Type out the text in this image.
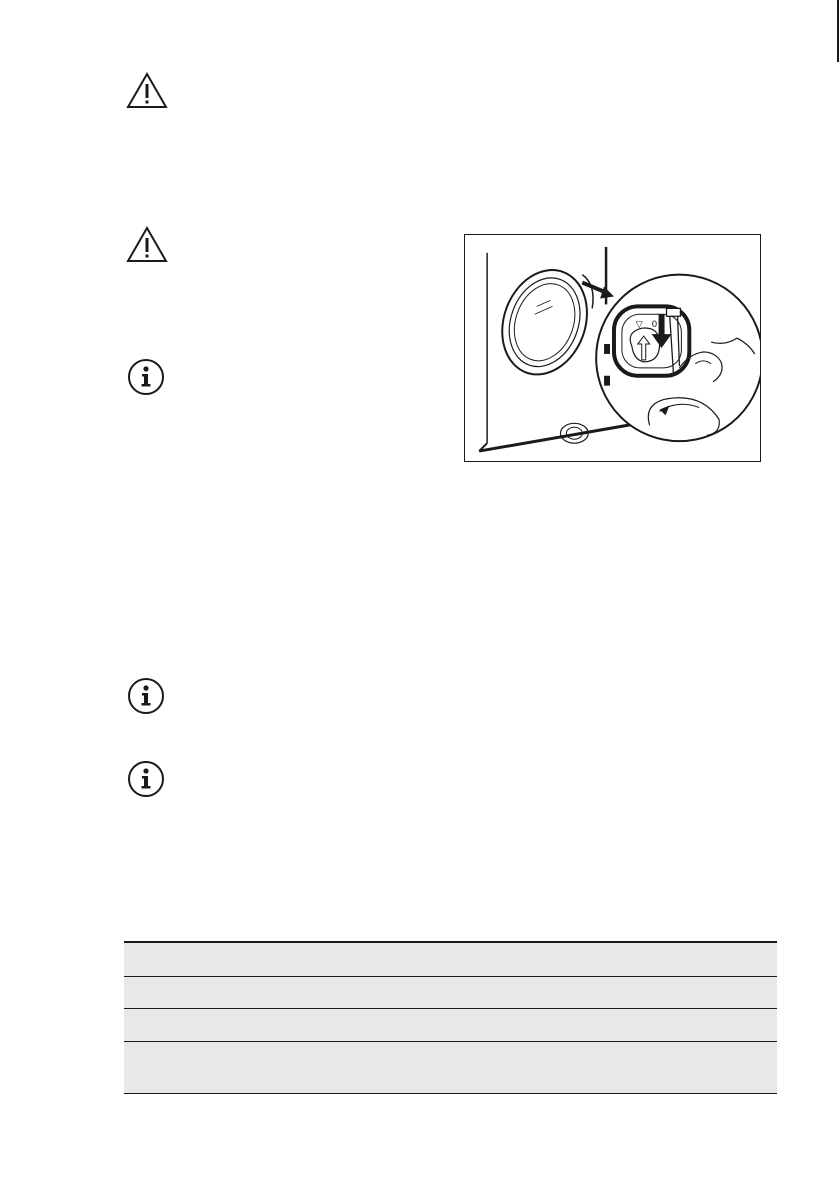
▽ 0
